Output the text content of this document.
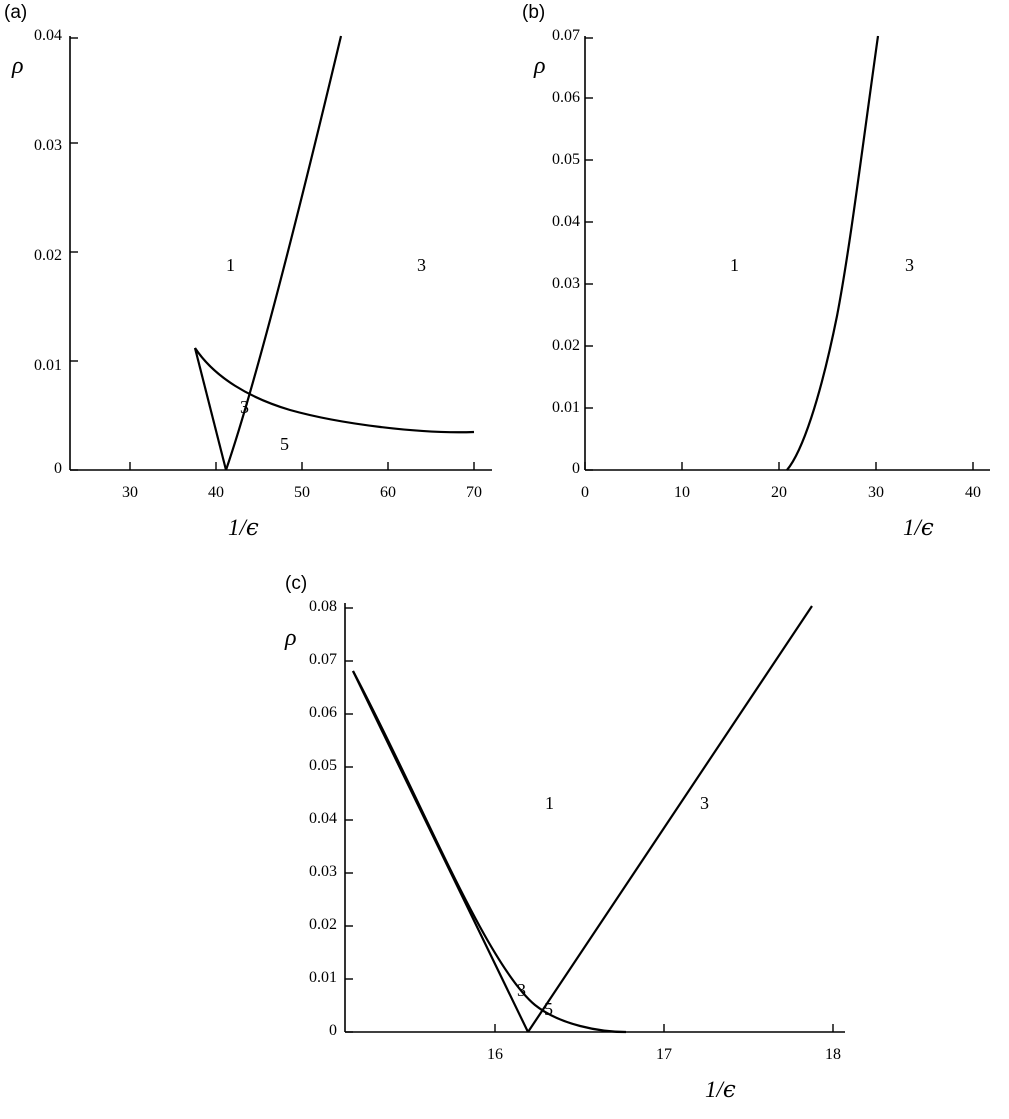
(a)
ρ
0.04
0.03
0.02
0.01
0
30	40	50	60	70
1	3
3
5
1/ϵ
(b)
ρ
0.07
0.06
0.05
0.04
0.03
0.02
0.01
0
0	10	20	30	40
1	3
1/ϵ
(c)
ρ
0.08
0.07
0.06
0.05
0.04
0.03
0.02
0.01
0
16	17	18
1	3
3
5
1/ϵ
